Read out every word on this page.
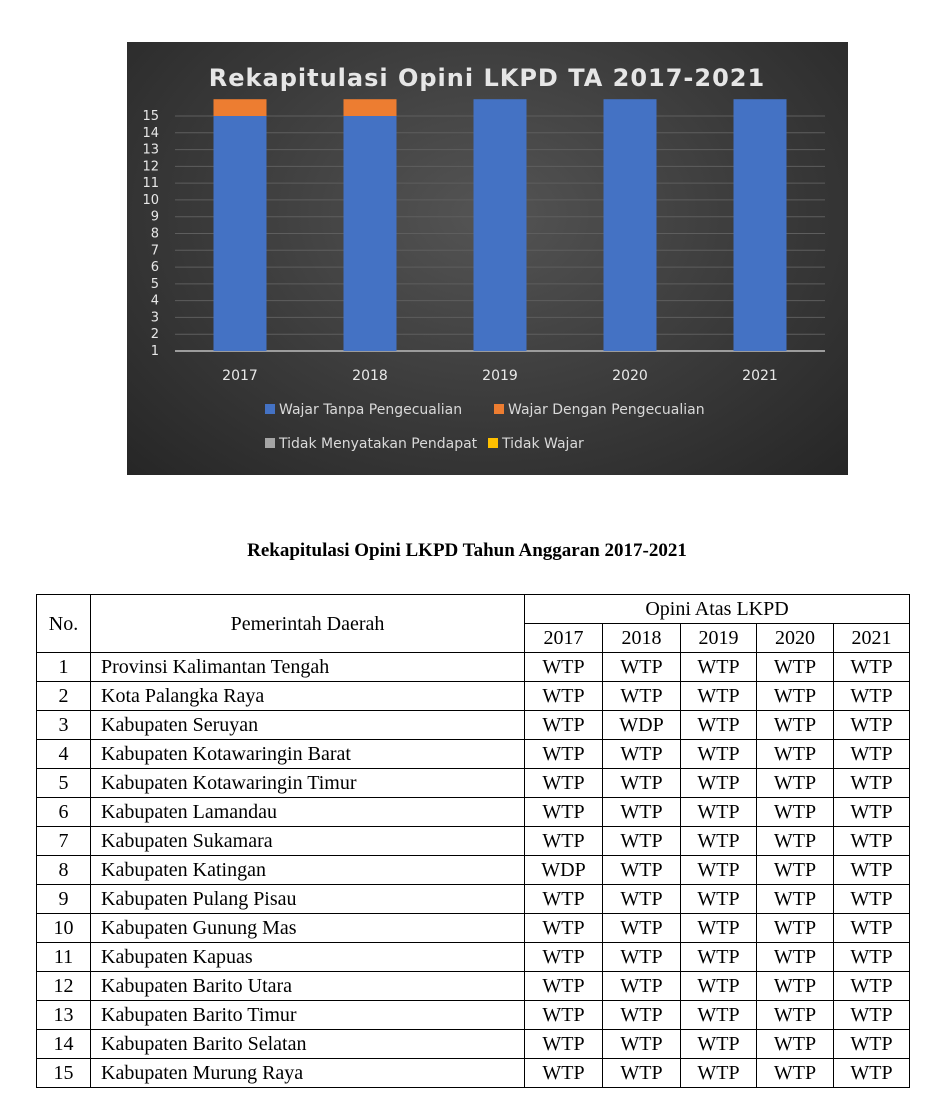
Rekapitulasi Opini LKPD TA 2017-2021
1
2
3
4
5
6
7
8
9
10
11
12
13
14
15
2017	2018	2019	2020	2021
Wajar Tanpa Pengecualian	Wajar Dengan Pengecualian
Tidak Menyatakan Pendapat Tidak Wajar
Rekapitulasi Opini LKPD Tahun Anggaran 2017-2021
No.	Pemerintah Daerah	Opini Atas LKPD				
		2017	2018	2019	2020	2021
1	Provinsi Kalimantan Tengah	WTP	WTP	WTP	WTP	WTP
2	Kota Palangka Raya	WTP	WTP	WTP	WTP	WTP
3	Kabupaten Seruyan	WTP	WDP	WTP	WTP	WTP
4	Kabupaten Kotawaringin Barat	WTP	WTP	WTP	WTP	WTP
5	Kabupaten Kotawaringin Timur	WTP	WTP	WTP	WTP	WTP
6	Kabupaten Lamandau	WTP	WTP	WTP	WTP	WTP
7	Kabupaten Sukamara	WTP	WTP	WTP	WTP	WTP
8	Kabupaten Katingan	WDP	WTP	WTP	WTP	WTP
9	Kabupaten Pulang Pisau	WTP	WTP	WTP	WTP	WTP
10	Kabupaten Gunung Mas	WTP	WTP	WTP	WTP	WTP
11	Kabupaten Kapuas	WTP	WTP	WTP	WTP	WTP
12	Kabupaten Barito Utara	WTP	WTP	WTP	WTP	WTP
13	Kabupaten Barito Timur	WTP	WTP	WTP	WTP	WTP
14	Kabupaten Barito Selatan	WTP	WTP	WTP	WTP	WTP
15	Kabupaten Murung Raya	WTP	WTP	WTP	WTP	WTP
